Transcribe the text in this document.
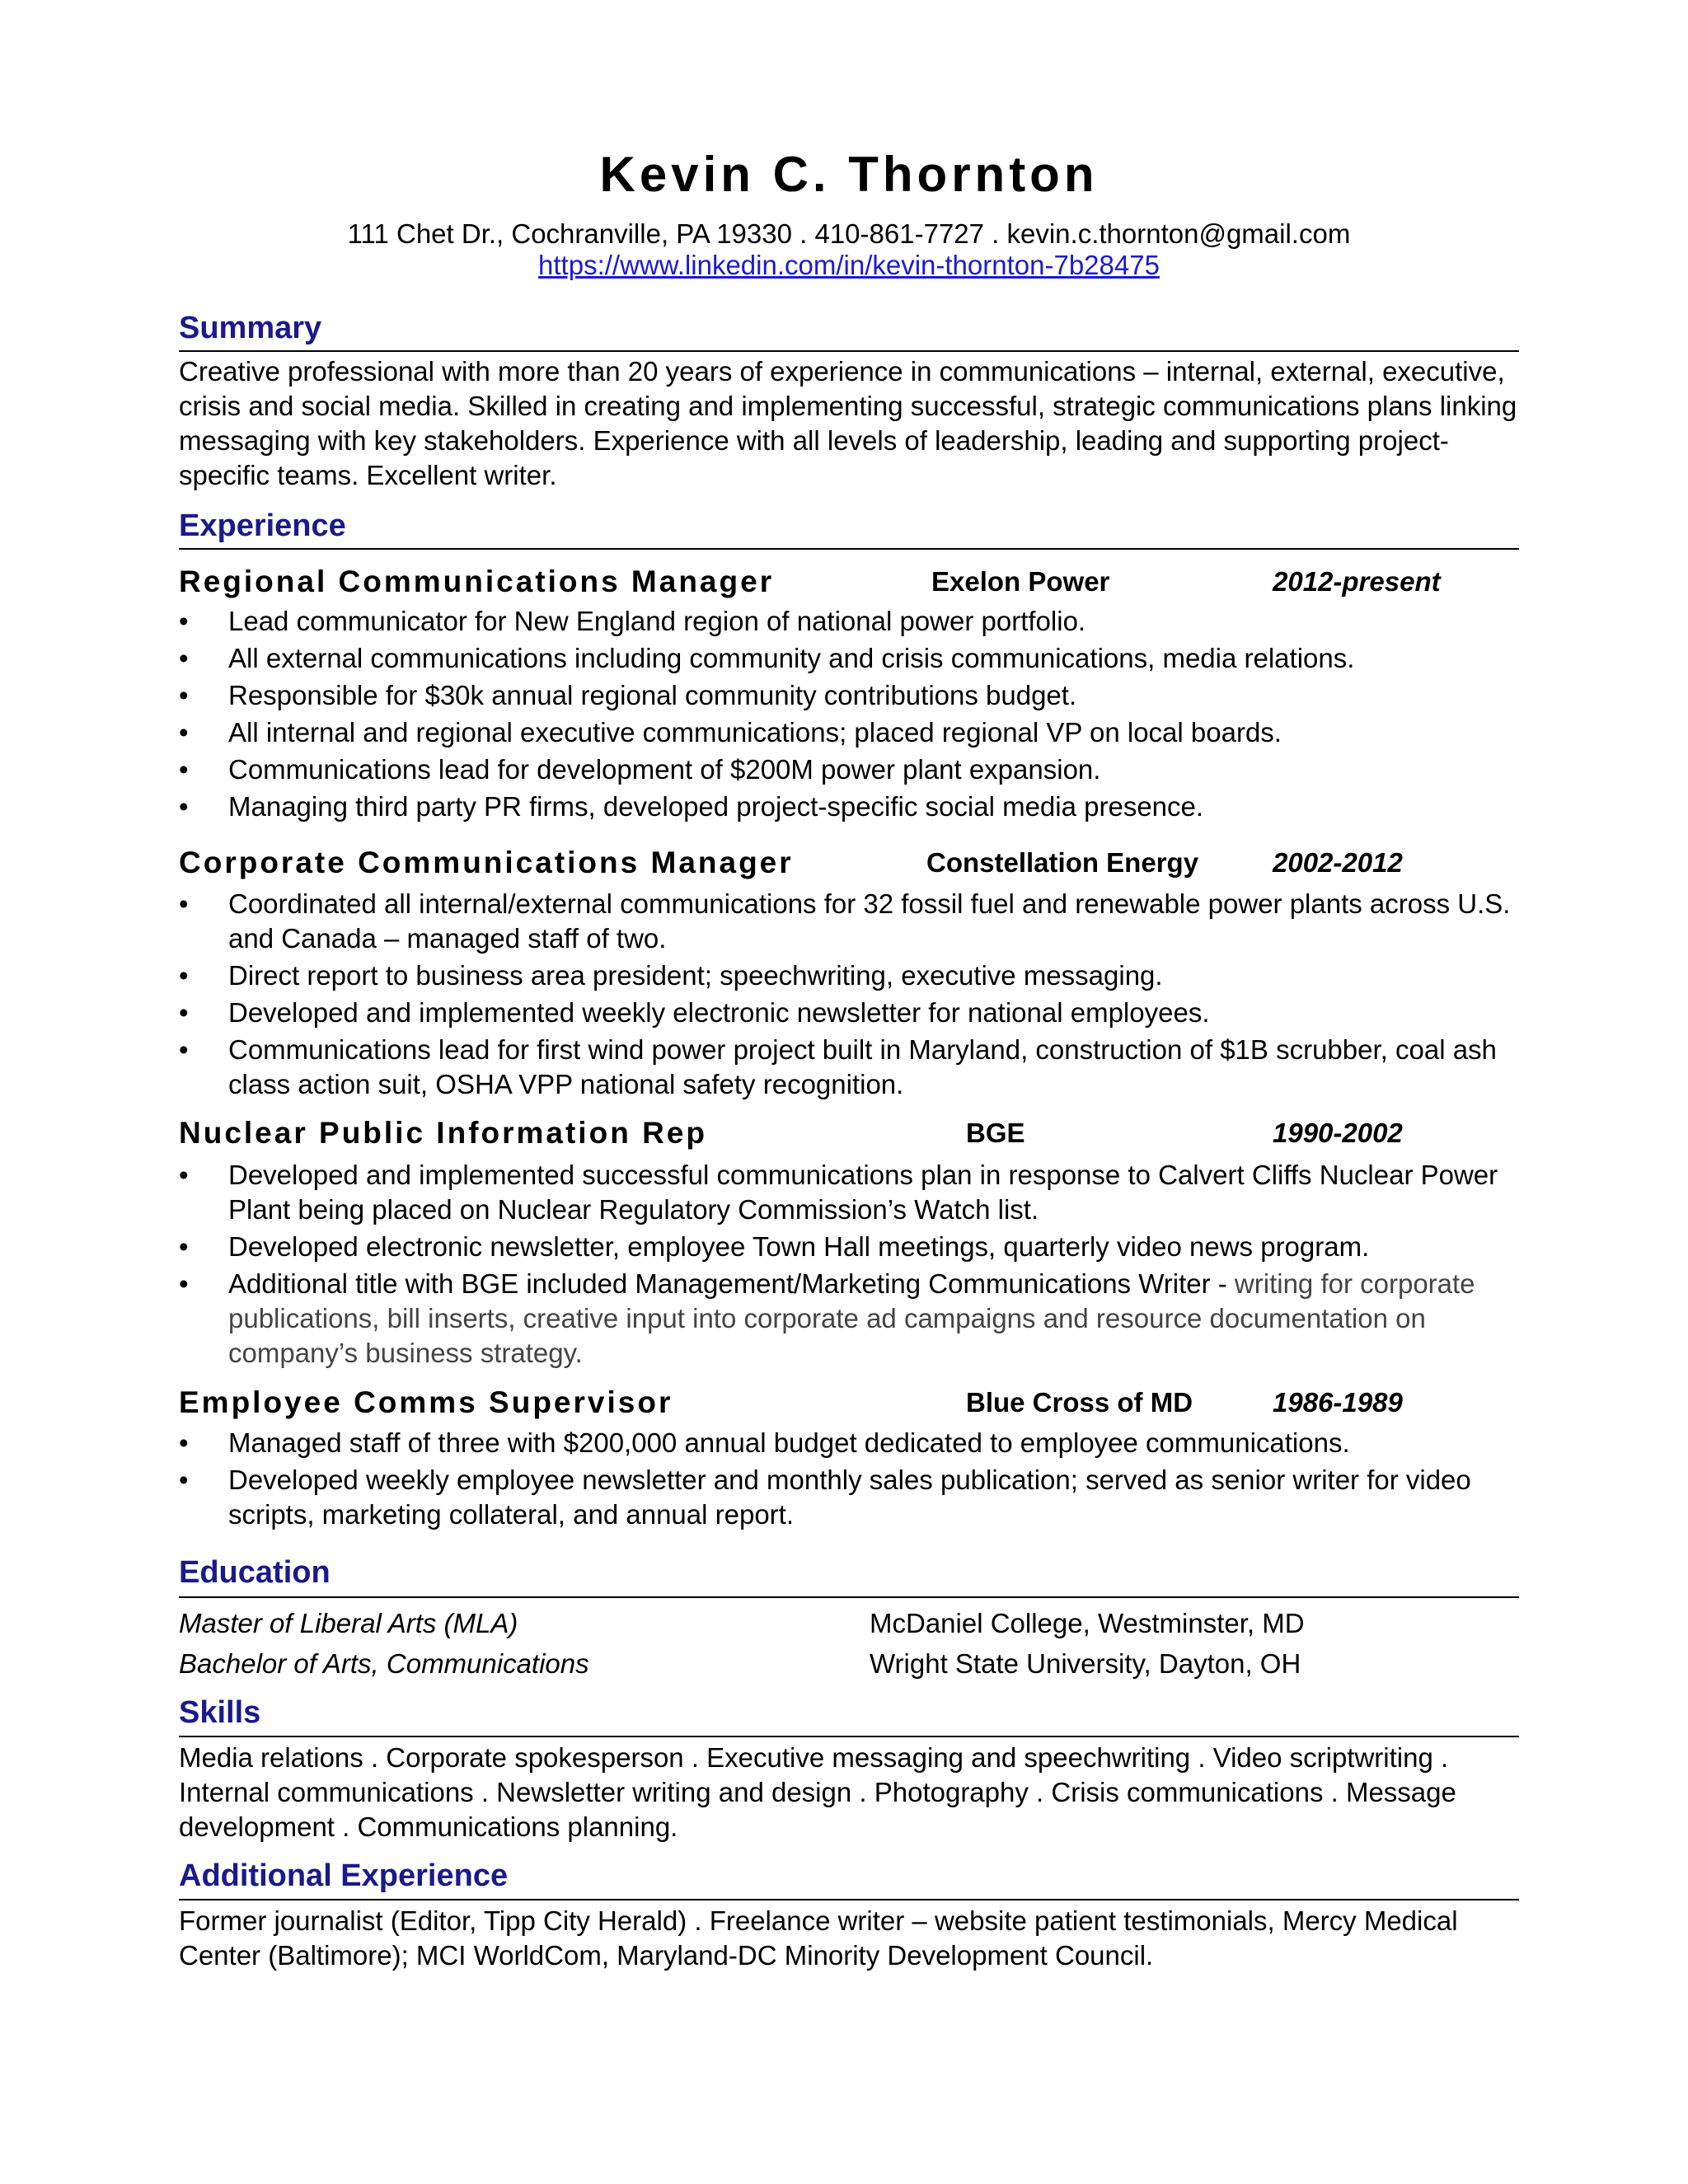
Kevin C. Thornton
111 Chet Dr., Cochranville, PA 19330 . 410-861-7727 . kevin.c.thornton@gmail.com
https://www.linkedin.com/in/kevin-thornton-7b28475
Summary
Creative professional with more than 20 years of experience in communications – internal, external, executive, crisis and social media. Skilled in creating and implementing successful, strategic communications plans linking messaging with key stakeholders. Experience with all levels of leadership, leading and supporting project-specific teams. Excellent writer.
Experience
Regional Communications Manager	Exelon Power	2012-present
• Lead communicator for New England region of national power portfolio.
• All external communications including community and crisis communications, media relations.
• Responsible for $30k annual regional community contributions budget.
• All internal and regional executive communications; placed regional VP on local boards.
• Communications lead for development of $200M power plant expansion.
• Managing third party PR firms, developed project-specific social media presence.
Corporate Communications Manager	Constellation Energy	2002-2012
• Coordinated all internal/external communications for 32 fossil fuel and renewable power plants across U.S. and Canada – managed staff of two.
• Direct report to business area president; speechwriting, executive messaging.
• Developed and implemented weekly electronic newsletter for national employees.
• Communications lead for first wind power project built in Maryland, construction of $1B scrubber, coal ash class action suit, OSHA VPP national safety recognition.
Nuclear Public Information Rep	BGE	1990-2002
• Developed and implemented successful communications plan in response to Calvert Cliffs Nuclear Power Plant being placed on Nuclear Regulatory Commission’s Watch list.
• Developed electronic newsletter, employee Town Hall meetings, quarterly video news program.
• Additional title with BGE included Management/Marketing Communications Writer - writing for corporate publications, bill inserts, creative input into corporate ad campaigns and resource documentation on company’s business strategy.
Employee Comms Supervisor	Blue Cross of MD	1986-1989
• Managed staff of three with $200,000 annual budget dedicated to employee communications.
• Developed weekly employee newsletter and monthly sales publication; served as senior writer for video scripts, marketing collateral, and annual report.
Education
Master of Liberal Arts (MLA)	McDaniel College, Westminster, MD
Bachelor of Arts, Communications	Wright State University, Dayton, OH
Skills
Media relations . Corporate spokesperson . Executive messaging and speechwriting . Video scriptwriting . Internal communications . Newsletter writing and design . Photography . Crisis communications . Message development . Communications planning.
Additional Experience
Former journalist (Editor, Tipp City Herald) . Freelance writer – website patient testimonials, Mercy Medical Center (Baltimore); MCI WorldCom, Maryland-DC Minority Development Council.
